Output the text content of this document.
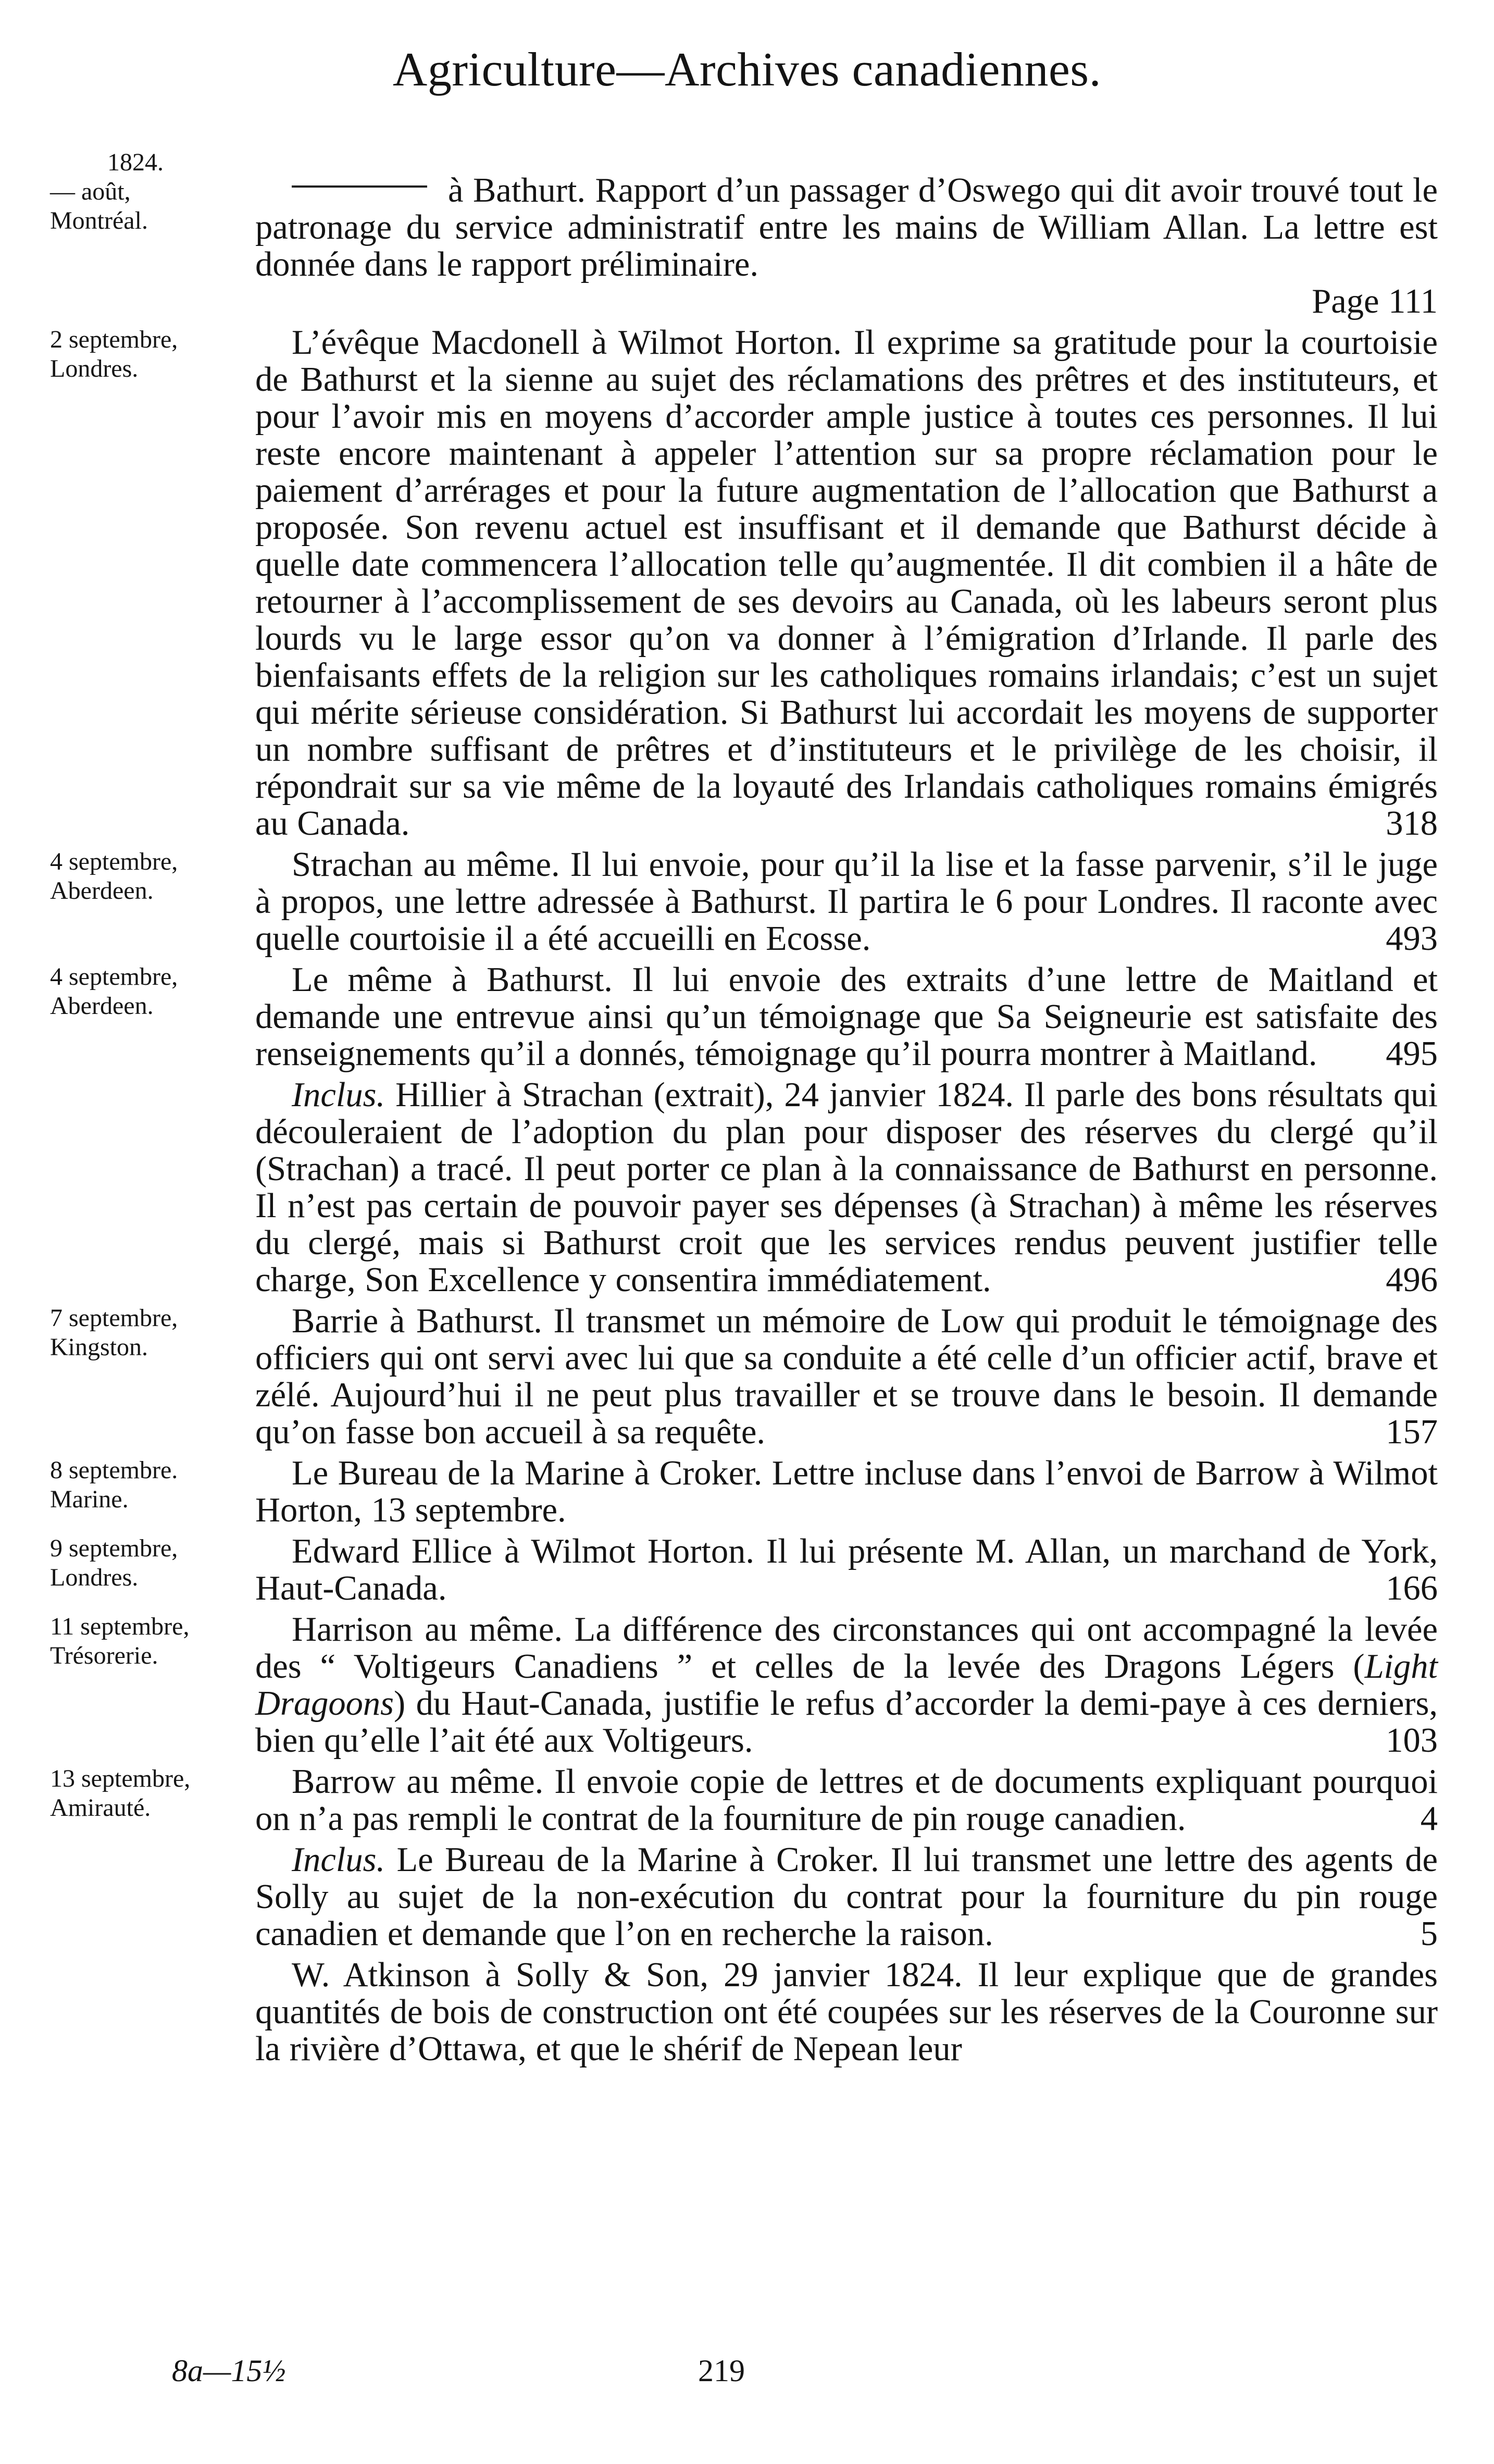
Agriculture—Archives canadiennes.
1824.
— août,
Montréal.
à Bathurt. Rapport d’un passager d’Oswego qui dit avoir trouvé tout le patronage du service administratif entre les mains de William Allan. La lettre est donnée dans le rapport préliminaire.
Page 111
2 septembre,
Londres.
L’évêque Macdonell à Wilmot Horton. Il exprime sa gratitude pour la courtoisie de Bathurst et la sienne au sujet des réclamations des prêtres et des instituteurs, et pour l’avoir mis en moyens d’accorder ample justice à toutes ces personnes. Il lui reste encore maintenant à appeler l’attention sur sa propre réclamation pour le paiement d’arrérages et pour la future augmentation de l’allocation que Bathurst a proposée. Son revenu actuel est insuffisant et il demande que Bathurst décide à quelle date commencera l’allocation telle qu’augmentée. Il dit combien il a hâte de retourner à l’accomplissement de ses devoirs au Canada, où les labeurs seront plus lourds vu le large essor qu’on va donner à l’émigration d’Irlande. Il parle des bienfaisants effets de la religion sur les catholiques romains irlandais; c’est un sujet qui mérite sérieuse considération. Si Bathurst lui accordait les moyens de supporter un nombre suffisant de prêtres et d’instituteurs et le privilège de les choisir, il répondrait sur sa vie même de la loyauté des Irlandais catholiques romains émigrés au Canada.	318
4 septembre,
Aberdeen.
Strachan au même. Il lui envoie, pour qu’il la lise et la fasse parvenir, s’il le juge à propos, une lettre adressée à Bathurst. Il partira le 6 pour Londres. Il raconte avec quelle courtoisie il a été accueilli en Ecosse.	493
4 septembre,
Aberdeen.
Le même à Bathurst. Il lui envoie des extraits d’une lettre de Maitland et demande une entrevue ainsi qu’un témoignage que Sa Seigneurie est satisfaite des renseignements qu’il a donnés, témoignage qu’il pourra montrer à Maitland. 495
Inclus. Hillier à Strachan (extrait), 24 janvier 1824. Il parle des bons résultats qui découleraient de l’adoption du plan pour disposer des réserves du clergé qu’il (Strachan) a tracé. Il peut porter ce plan à la connaissance de Bathurst en personne. Il n’est pas certain de pouvoir payer ses dépenses (à Strachan) à même les réserves du clergé, mais si Bathurst croit que les services rendus peuvent justifier telle charge, Son Excellence y consentira immédiatement.	496
7 septembre,
Kingston.
Barrie à Bathurst. Il transmet un mémoire de Low qui produit le témoignage des officiers qui ont servi avec lui que sa conduite a été celle d’un officier actif, brave et zélé. Aujourd’hui il ne peut plus travailler et se trouve dans le besoin. Il demande qu’on fasse bon accueil à sa requête.	157
8 septembre.
Marine.
Le Bureau de la Marine à Croker. Lettre incluse dans l’envoi de Barrow à Wilmot Horton, 13 septembre.
9 septembre,
Londres.
Edward Ellice à Wilmot Horton. Il lui présente M. Allan, un marchand de York, Haut-Canada.	166
11 septembre,
Trésorerie.
Harrison au même. La différence des circonstances qui ont accompagné la levée des “ Voltigeurs Canadiens ” et celles de la levée des Dragons Légers (Light Dragoons) du Haut-Canada, justifie le refus d’accorder la demi-paye à ces derniers, bien qu’elle l’ait été aux Voltigeurs.	103
13 septembre,
Amirauté.
Barrow au même. Il envoie copie de lettres et de documents expliquant pourquoi on n’a pas rempli le contrat de la fourniture de pin rouge canadien.	4
Inclus. Le Bureau de la Marine à Croker. Il lui transmet une lettre des agents de Solly au sujet de la non-exécution du contrat pour la fourniture du pin rouge canadien et demande que l’on en recherche la raison.	5
W. Atkinson à Solly & Son, 29 janvier 1824. Il leur explique que de grandes quantités de bois de construction ont été coupées sur les réserves de la Couronne sur la rivière d’Ottawa, et que le shérif de Nepean leur
8a—15½	219
